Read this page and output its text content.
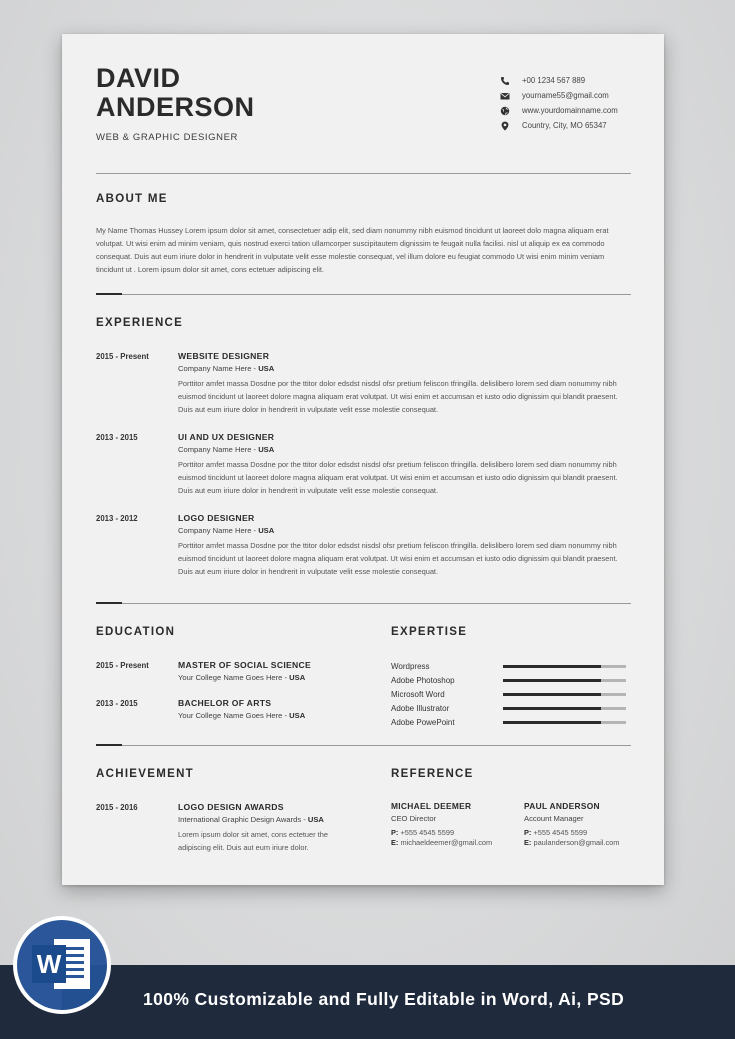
DAVID
ANDERSON
WEB & GRAPHIC DESIGNER
+00 1234 567 889
yourname55@gmail.com
www.yourdomainname.com
Country, City, MO 65347
ABOUT ME
My Name Thomas Hussey Lorem ipsum dolor sit amet, consectetuer adip elit, sed diam nonummy nibh euismod tincidunt ut laoreet dolo magna aliquam erat volutpat. Ut wisi enim ad minim veniam, quis nostrud exerci tation ullamcorper suscipitautem dignissim te feugait nulla facilisi. nisl ut aliquip ex ea commodo consequat. Duis aut eum iriure dolor in hendrerit in vulputate velit esse molestie consequat, vel illum dolore eu feugiat commodo Ut wisi enim minim veniam tincidunt ut . Lorem ipsum dolor sit amet, cons ectetuer adipiscing elit.
EXPERIENCE
2015 - Present	WEBSITE DESIGNER
Company Name Here - USA
Porttitor amfet massa Dosdne por the ttitor dolor edsdst nisdsl ofsr pretium feliscon tfringilla. delislibero lorem sed diam nonummy nibh euismod tincidunt ut laoreet dolore magna aliquam erat volutpat. Ut wisi enim et accumsan et iusto odio dignissim qui blandit praesent. Duis aut eum iriure dolor in hendrerit in vulputate velit esse molestie consequat.
2013 - 2015	UI AND UX DESIGNER
Company Name Here - USA
Porttitor amfet massa Dosdne por the ttitor dolor edsdst nisdsl ofsr pretium feliscon tfringilla. delislibero lorem sed diam nonummy nibh euismod tincidunt ut laoreet dolore magna aliquam erat volutpat. Ut wisi enim et accumsan et iusto odio dignissim qui blandit praesent. Duis aut eum iriure dolor in hendrerit in vulputate velit esse molestie consequat.
2013 - 2012	LOGO DESIGNER
Company Name Here - USA
Porttitor amfet massa Dosdne por the ttitor dolor edsdst nisdsl ofsr pretium feliscon tfringilla. delislibero lorem sed diam nonummy nibh euismod tincidunt ut laoreet dolore magna aliquam erat volutpat. Ut wisi enim et accumsan et iusto odio dignissim qui blandit praesent. Duis aut eum iriure dolor in hendrerit in vulputate velit esse molestie consequat.
EDUCATION
2015 - Present	MASTER OF SOCIAL SCIENCE
Your College Name Goes Here - USA
2013 - 2015	BACHELOR OF ARTS
Your College Name Goes Here - USA
EXPERTISE
Wordpress
Adobe Photoshop
Microsoft Word
Adobe Illustrator
Adobe PowePoint
ACHIEVEMENT
2015 - 2016	LOGO DESIGN AWARDS
International Graphic Design Awards - USA
Lorem ipsum dolor sit amet, cons ectetuer the adipiscing elit. Duis aut eum iriure dolor.
REFERENCE
MICHAEL DEEMER
CEO Director
P: +555 4545 5599
E: michaeldeemer@gmail.com
PAUL ANDERSON
Account Manager
P: +555 4545 5599
E: paulanderson@gmail.com
100% Customizable and Fully Editable in Word, Ai, PSD
W
